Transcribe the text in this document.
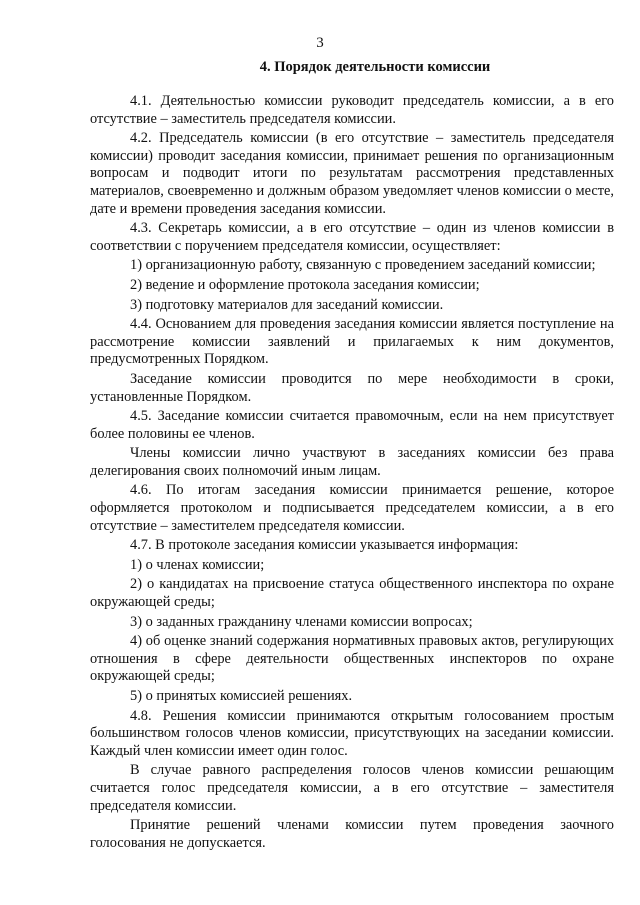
3
4. Порядок деятельности комиссии

4.1. Деятельностью комиссии руководит председатель комиссии, а в его отсутствие – заместитель председателя комиссии.

4.2. Председатель комиссии (в его отсутствие – заместитель председателя комиссии) проводит заседания комиссии, принимает решения по организационным вопросам и подводит итоги по результатам рассмотрения представленных материалов, своевременно и должным образом уведомляет членов комиссии о месте, дате и времени проведения заседания комиссии.

4.3. Секретарь комиссии, а в его отсутствие – один из членов комиссии в соответствии с поручением председателя комиссии, осуществляет:

1) организационную работу, связанную с проведением заседаний комиссии;

2) ведение и оформление протокола заседания комиссии;

3) подготовку материалов для заседаний комиссии.

4.4. Основанием для проведения заседания комиссии является поступление на рассмотрение комиссии заявлений и прилагаемых к ним документов, предусмотренных Порядком.

Заседание комиссии проводится по мере необходимости в сроки, установленные Порядком.

4.5. Заседание комиссии считается правомочным, если на нем присутствует более половины ее членов.

Члены комиссии лично участвуют в заседаниях комиссии без права делегирования своих полномочий иным лицам.

4.6. По итогам заседания комиссии принимается решение, которое оформляется протоколом и подписывается председателем комиссии, а в его отсутствие – заместителем председателя комиссии.

4.7. В протоколе заседания комиссии указывается информация:

1) о членах комиссии;

2) о кандидатах на присвоение статуса общественного инспектора по охране окружающей среды;

3) о заданных гражданину членами комиссии вопросах;

4) об оценке знаний содержания нормативных правовых актов, регулирующих отношения в сфере деятельности общественных инспекторов по охране окружающей среды;

5) о принятых комиссией решениях.

4.8. Решения комиссии принимаются открытым голосованием простым большинством голосов членов комиссии, присутствующих на заседании комиссии. Каждый член комиссии имеет один голос.

В случае равного распределения голосов членов комиссии решающим считается голос председателя комиссии, а в его отсутствие – заместителя председателя комиссии.

Принятие решений членами комиссии путем проведения заочного голосования не допускается.
